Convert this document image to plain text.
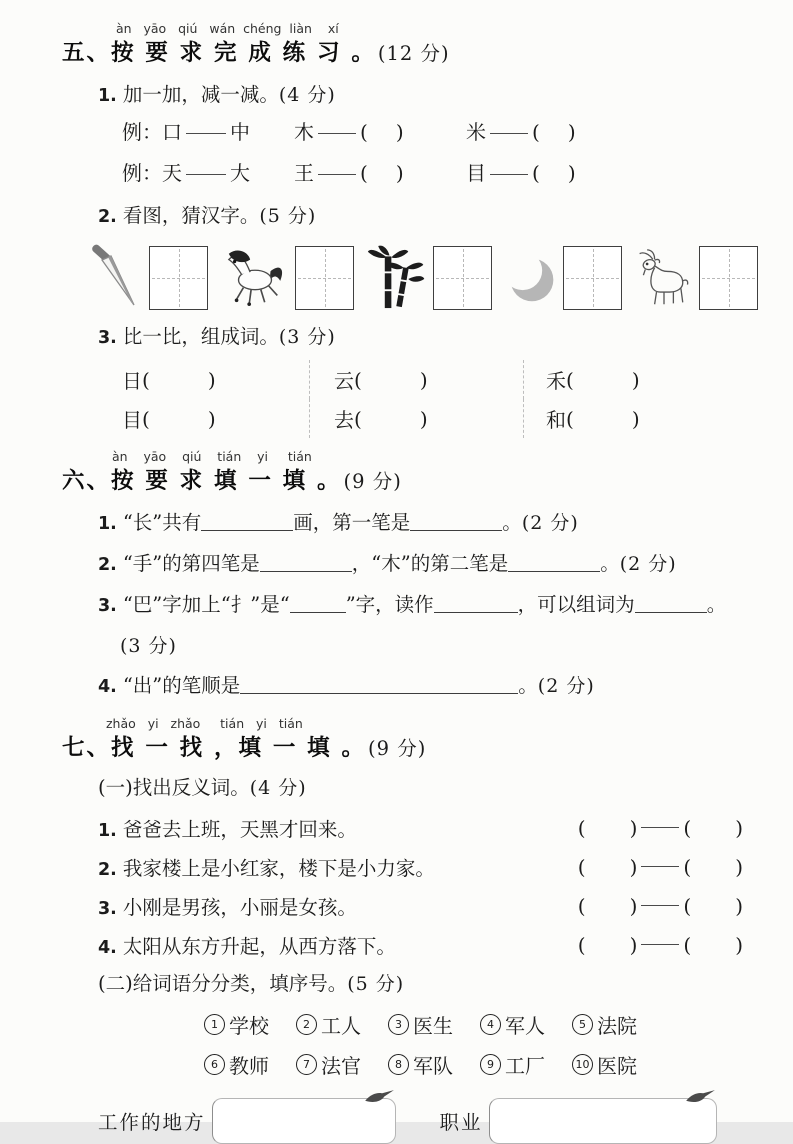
àn   yāo   qiú   wán  chéng  liàn    xí
五、按 要 求 完 成 练 习 。 (12 分)
1. 加一加，减一减。(4 分)
例：口 中	木 ( )	米 ( )
例：天 大	王 ( )	目 ( )
2. 看图，猜汉字。(5 分)
3. 比一比，组成词。(3 分)
日 (	)	云 (	)	禾 (	)
目 (	)	去 (	)	和 (	)
àn    yāo    qiú    tián    yi     tián
六、按 要 求 填 一 填 。 (9 分)
1. “长”共有	画，第一笔是	。(2 分)
2. “手”的第四笔是	，“木”的第二笔是	。(2 分)
3. “巴”字加上“扌”是“	”字，读作	，可以组词为	。
(3 分)
4. “出”的笔顺是	。(2 分)
zhǎo   yi   zhǎo     tián   yi   tián
七、找 一 找 ，填 一 填 。 (9 分)
(一)找出反义词。(4 分)
1. 爸爸去上班，天黑才回来。	( ) ( )
2. 我家楼上是小红家，楼下是小力家。	( ) ( )
3. 小刚是男孩，小丽是女孩。	( ) ( )
4. 太阳从东方升起，从西方落下。	( ) ( )
(二)给词语分分类，填序号。(5 分)
1 学校	2 工人	3 医生	4 军人	5 法院
6 教师	7 法官	8 军队	9 工厂	10 医院
工作的地方	职业
